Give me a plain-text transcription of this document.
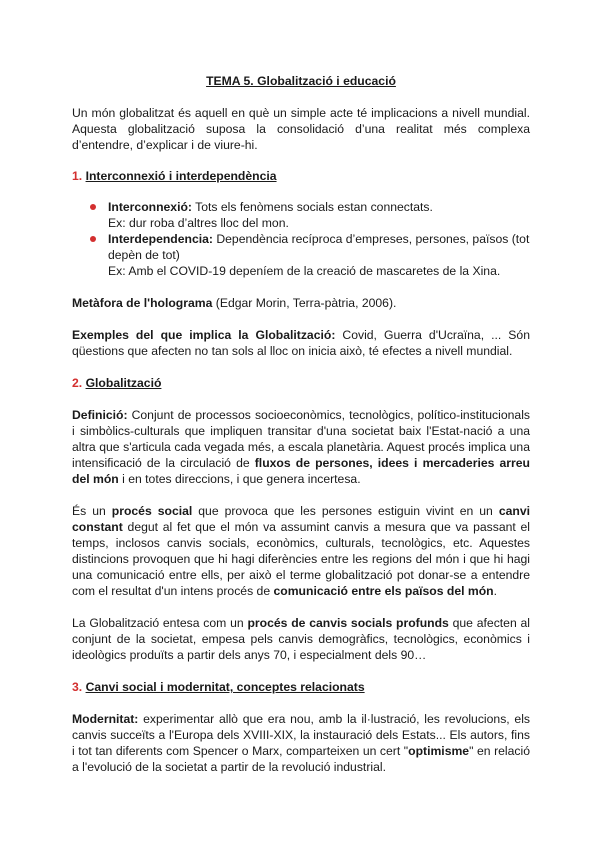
TEMA 5. Globalització i educació

Un món globalitzat és aquell en què un simple acte té implicacions a nivell mundial. Aquesta globalització suposa la consolidació d’una realitat més complexa d’entendre, d’explicar i de viure-hi.

1. Interconnexió i interdependència

Interconnexió: Tots els fenòmens socials estan connectats.
Ex: dur roba d’altres lloc del mon.
Interdependencia: Dependència recíproca d’empreses, persones, països (tot depèn de tot)
Ex: Amb el COVID-19 depeníem de la creació de mascaretes de la Xina.

Metàfora de l'holograma (Edgar Morin, Terra-pàtria, 2006).

Exemples del que implica la Globalització: Covid, Guerra d'Ucraïna, ... Són qüestions que afecten no tan sols al lloc on inicia això, té efectes a nivell mundial.

2. Globalització

Definició: Conjunt de processos socioeconòmics, tecnològics, político-institucionals i simbòlics-culturals que impliquen transitar d'una societat baix l'Estat-nació a una altra que s'articula cada vegada més, a escala planetària. Aquest procés implica una intensificació de la circulació de fluxos de persones, idees i mercaderies arreu del món i en totes direccions, i que genera incertesa.

És un procés social que provoca que les persones estiguin vivint en un canvi constant degut al fet que el món va assumint canvis a mesura que va passant el temps, inclosos canvis socials, econòmics, culturals, tecnològics, etc. Aquestes distincions provoquen que hi hagi diferències entre les regions del món i que hi hagi una comunicació entre ells, per això el terme globalització pot donar-se a entendre com el resultat d'un intens procés de comunicació entre els països del món.

La Globalització entesa com un procés de canvis socials profunds que afecten al conjunt de la societat, empesa pels canvis demogràfics, tecnològics, econòmics i ideològics produïts a partir dels anys 70, i especialment dels 90…

3. Canvi social i modernitat, conceptes relacionats

Modernitat: experimentar allò que era nou, amb la il·lustració, les revolucions, els canvis succeïts a l'Europa dels XVIII-XIX, la instauració dels Estats... Els autors, fins i tot tan diferents com Spencer o Marx, comparteixen un cert "optimisme" en relació a l'evolució de la societat a partir de la revolució industrial.
